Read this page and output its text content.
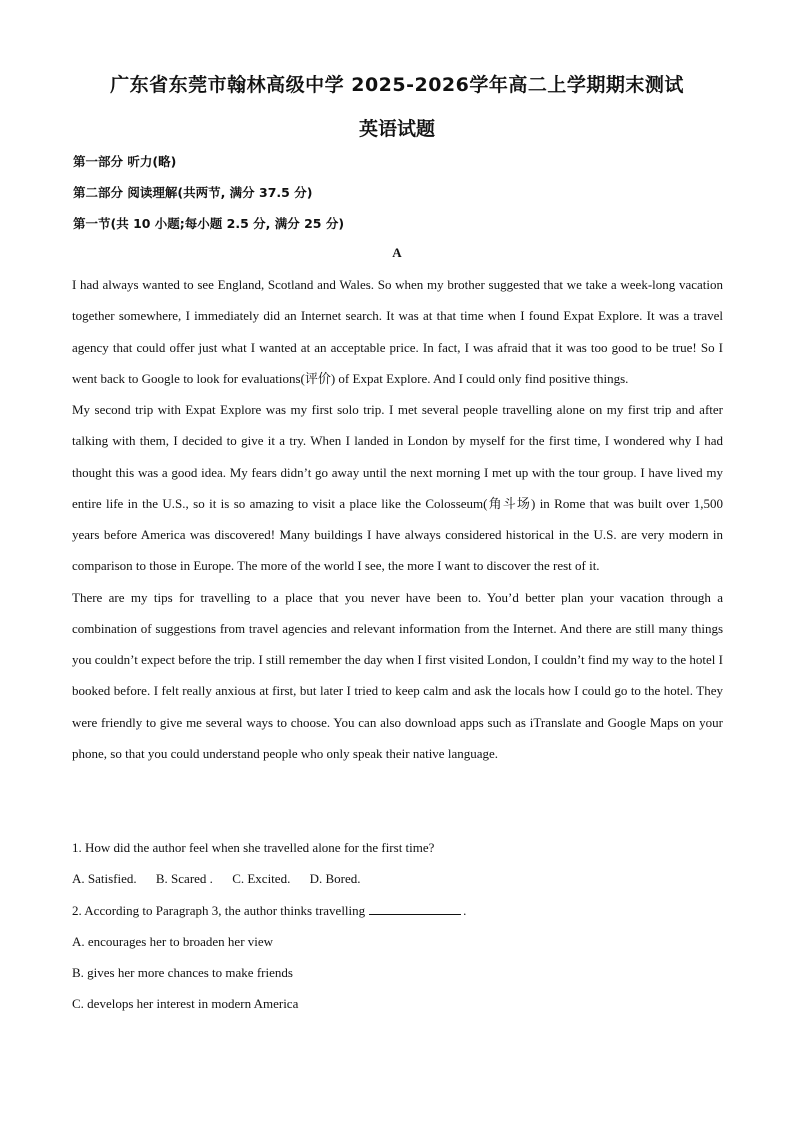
广东省东莞市翰林高级中学 2025-2026学年高二上学期期末测试
英语试题
第一部分 听力(略)
第二部分 阅读理解(共两节, 满分 37.5 分)
第一节(共 10 小题;每小题 2.5 分, 满分 25 分)
A

I had always wanted to see England, Scotland and Wales. So when my brother suggested that we take a week-long vacation together somewhere, I immediately did an Internet search. It was at that time when I found Expat Explore. It was a travel agency that could offer just what I wanted at an acceptable price. In fact, I was afraid that it was too good to be true! So I went back to Google to look for evaluations(评价) of Expat Explore. And I could only find positive things.

My second trip with Expat Explore was my first solo trip. I met several people travelling alone on my first trip and after talking with them, I decided to give it a try. When I landed in London by myself for the first time, I wondered why I had thought this was a good idea. My fears didn’t go away until the next morning I met up with the tour group. I have lived my entire life in the U.S., so it is so amazing to visit a place like the Colosseum(角斗场) in Rome that was built over 1,500 years before America was discovered! Many buildings I have always considered historical in the U.S. are very modern in comparison to those in Europe. The more of the world I see, the more I want to discover the rest of it.

There are my tips for travelling to a place that you never have been to. You’d better plan your vacation through a combination of suggestions from travel agencies and relevant information from the Internet. And there are still many things you couldn’t expect before the trip. I still remember the day when I first visited London, I couldn’t find my way to the hotel I booked before. I felt really anxious at first, but later I tried to keep calm and ask the locals how I could go to the hotel. They were friendly to give me several ways to choose. You can also download apps such as iTranslate and Google Maps on your phone, so that you could understand people who only speak their native language.

1. How did the author feel when she travelled alone for the first time?
A. Satisfied. B. Scared . C. Excited. D. Bored.
2. According to Paragraph 3, the author thinks travelling	.
A. encourages her to broaden her view
B. gives her more chances to make friends
C. develops her interest in modern America
